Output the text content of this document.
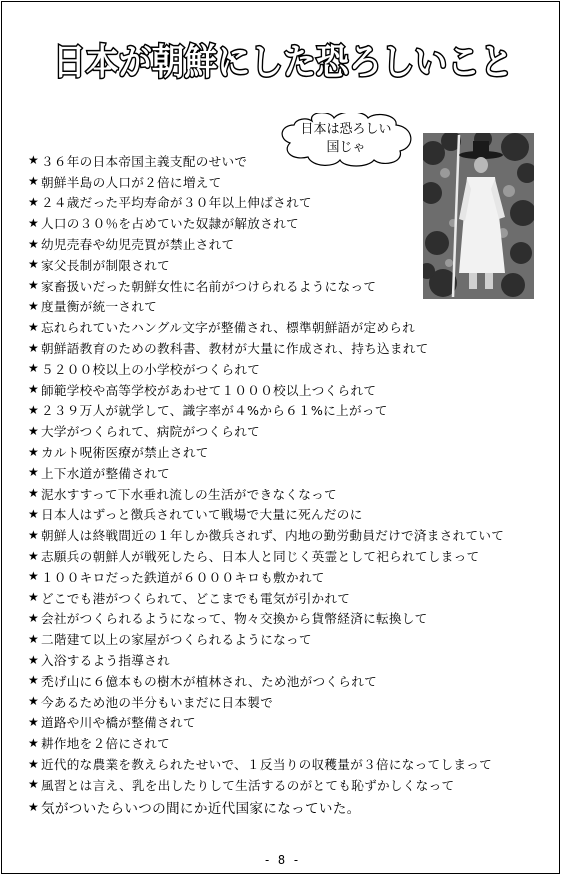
日本が朝鮮にした恐ろしいこと
日本は恐ろしい
国じゃ
★ ３６年の日本帝国主義支配のせいで
★ 朝鮮半島の人口が２倍に増えて
★ ２４歳だった平均寿命が３０年以上伸ばされて
★ 人口の３０％を占めていた奴隷が解放されて
★ 幼児売春や幼児売買が禁止されて
★ 家父長制が制限されて
★ 家畜扱いだった朝鮮女性に名前がつけられるようになって
★ 度量衡が統一されて
★ 忘れられていたハングル文字が整備され、標準朝鮮語が定められ
★ 朝鮮語教育のための教科書、教材が大量に作成され、持ち込まれて
★ ５２００校以上の小学校がつくられて
★ 師範学校や高等学校があわせて１０００校以上つくられて
★ ２３９万人が就学して、識字率が４%から６１%に上がって
★ 大学がつくられて、病院がつくられて
★ カルト呪術医療が禁止されて
★ 上下水道が整備されて
★ 泥水すすって下水垂れ流しの生活ができなくなって
★ 日本人はずっと徴兵されていて戦場で大量に死んだのに
★ 朝鮮人は終戦間近の１年しか徴兵されず、内地の勤労動員だけで済まされていて
★ 志願兵の朝鮮人が戦死したら、日本人と同じく英霊として祀られてしまって
★ １００キロだった鉄道が６０００キロも敷かれて
★ どこでも港がつくられて、どこまでも電気が引かれて
★ 会社がつくられるようになって、物々交換から貨幣経済に転換して
★ 二階建て以上の家屋がつくられるようになって
★ 入浴するよう指導され
★ 禿げ山に６億本もの樹木が植林され、ため池がつくられて
★ 今あるため池の半分もいまだに日本製で
★ 道路や川や橋が整備されて
★ 耕作地を２倍にされて
★ 近代的な農業を教えられたせいで、１反当りの収穫量が３倍になってしまって
★ 風習とは言え、乳を出したりして生活するのがとても恥ずかしくなって
★ 気がついたらいつの間にか近代国家になっていた。
- 8 -
